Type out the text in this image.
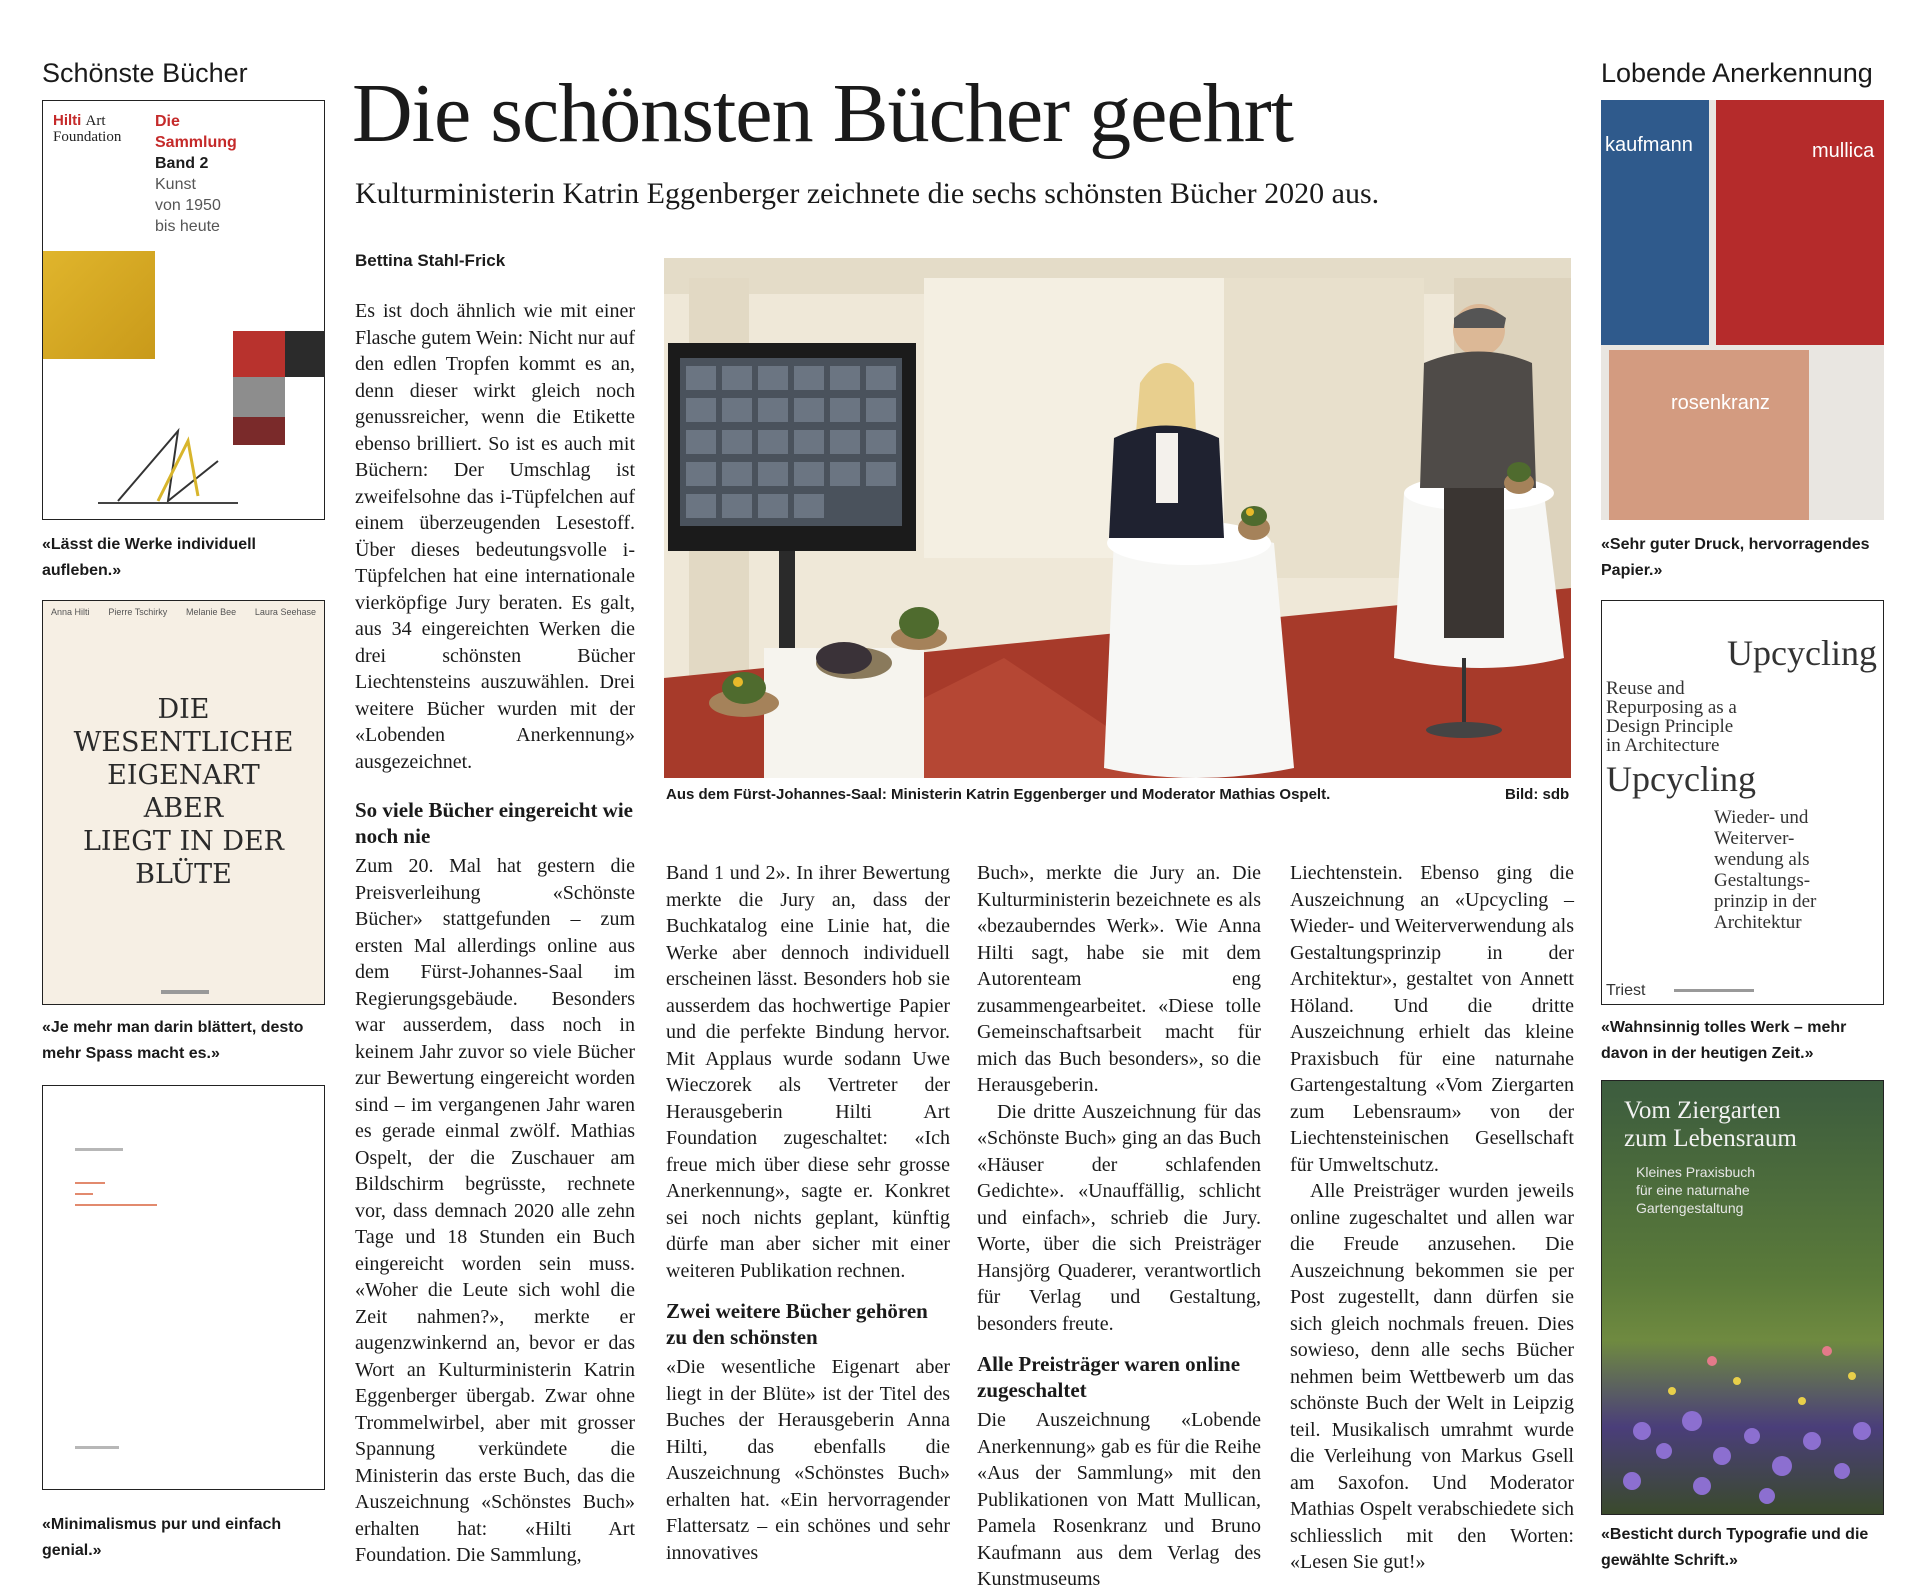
Schönste Bücher
Hilti Art
Foundation
Die
Sammlung
Band 2
Kunst
von 1950
bis heute
«Lässt die Werke individuell aufleben.»
Anna Hilti Pierre Tschirky Melanie Bee Laura Seehase
DIE
WESENTLICHE
EIGENART
ABER
LIEGT IN DER
BLÜTE
«Je mehr man darin blättert, desto mehr Spass macht es.»
«Minimalismus pur und einfach genial.»
Die schönsten Bücher geehrt
Kulturministerin Katrin Eggenberger zeichnete die sechs schönsten Bücher 2020 aus.
Bettina Stahl-Frick

Es ist doch ähnlich wie mit einer Flasche gutem Wein: Nicht nur auf den edlen Tropfen kommt es an, denn dieser wirkt gleich noch genussreicher, wenn die Etikette ebenso brilliert. So ist es auch mit Büchern: Der Umschlag ist zweifelsohne das i-Tüpfelchen auf einem überzeugenden Lesestoff. Über dieses bedeutungsvolle i-Tüpfelchen hat eine internationale vierköpfige Jury beraten. Es galt, aus 34 eingereichten Werken die drei schönsten Bücher Liechtensteins auszuwählen. Drei weitere Bücher wurden mit der «Lobenden Anerkennung» ausgezeichnet.

Aus dem Fürst-Johannes-Saal: Ministerin Katrin Eggenberger und Moderator Mathias Ospelt.	Bild: sdb

So viele Bücher eingereicht wie noch nie

Zum 20. Mal hat gestern die Preisverleihung «Schönste Bücher» stattgefunden – zum ersten Mal allerdings online aus dem Fürst-Johannes-Saal im Regierungsgebäude. Besonders war ausserdem, dass noch in keinem Jahr zuvor so viele Bücher zur Bewertung eingereicht worden sind – im vergangenen Jahr waren es gerade einmal zwölf. Mathias Ospelt, der die Zuschauer am Bildschirm begrüsste, rechnete vor, dass demnach 2020 alle zehn Tage und 18 Stunden ein Buch eingereicht worden sein muss. «Woher die Leute sich wohl die Zeit nahmen?», merkte er augenzwinkernd an, bevor er das Wort an Kulturministerin Katrin Eggenberger übergab. Zwar ohne Trommelwirbel, aber mit grosser Spannung verkündete die Ministerin das erste Buch, das die Auszeichnung «Schönstes Buch» erhalten hat: «Hilti Art Foundation. Die Sammlung,

Band 1 und 2». In ihrer Bewertung merkte die Jury an, dass der Buchkatalog eine Linie hat, die Werke aber dennoch individuell erscheinen lässt. Besonders hob sie ausserdem das hochwertige Papier und die perfekte Bindung hervor. Mit Applaus wurde sodann Uwe Wieczorek als Vertreter der Herausgeberin Hilti Art Foundation zugeschaltet: «Ich freue mich über diese sehr grosse Anerkennung», sagte er. Konkret sei noch nichts geplant, künftig dürfe man aber sicher mit einer weiteren Publikation rechnen.

Zwei weitere Bücher gehören zu den schönsten

«Die wesentliche Eigenart aber liegt in der Blüte» ist der Titel des Buches der Herausgeberin Anna Hilti, das ebenfalls die Auszeichnung «Schönstes Buch» erhalten hat. «Ein hervorragender Flattersatz – ein schönes und sehr innovatives

Buch», merkte die Jury an. Die Kulturministerin bezeichnete es als «bezauberndes Werk». Wie Anna Hilti sagt, habe sie mit dem Autorenteam eng zusammengearbeitet. «Diese tolle Gemeinschaftsarbeit macht für mich das Buch besonders», so die Herausgeberin.

Die dritte Auszeichnung für das «Schönste Buch» ging an das Buch «Häuser der schlafenden Gedichte». «Unauffällig, schlicht und einfach», schrieb die Jury. Worte, über die sich Preisträger Hansjörg Quaderer, verantwortlich für Verlag und Gestaltung, besonders freute.

Alle Preisträger waren online zugeschaltet

Die Auszeichnung «Lobende Anerkennung» gab es für die Reihe «Aus der Sammlung» mit den Publikationen von Matt Mullican, Pamela Rosenkranz und Bruno Kaufmann aus dem Verlag des Kunstmuseums

Liechtenstein. Ebenso ging die Auszeichnung an «Upcycling – Wieder- und Weiterverwendung als Gestaltungsprinzip in der Architektur», gestaltet von Annett Höland. Und die dritte Auszeichnung erhielt das kleine Praxisbuch für eine naturnahe Gartengestaltung «Vom Ziergarten zum Lebensraum» von der Liechtensteinischen Gesellschaft für Umweltschutz.

Alle Preisträger wurden jeweils online zugeschaltet und allen war die Freude anzusehen. Die Auszeichnung bekommen sie per Post zugestellt, dann dürfen sie sich gleich nochmals freuen. Dies sowieso, denn alle sechs Bücher nehmen beim Wettbewerb um das schönste Buch der Welt in Leipzig teil. Musikalisch umrahmt wurde die Verleihung von Markus Gsell am Saxofon. Und Moderator Mathias Ospelt verabschiedete sich schliesslich mit den Worten: «Lesen Sie gut!»

Lobende Anerkennung
kaufmann	mullica
rosenkranz
«Sehr guter Druck, hervorragendes Papier.»
Upcycling
Reuse and
Repurposing as a
Design Principle
in Architecture
Upcycling
Wieder- und
Weiterver-
wendung als
Gestaltungs-
prinzip in der
Architektur
Triest
«Wahnsinnig tolles Werk – mehr davon in der heutigen Zeit.»
Vom Ziergarten
zum Lebensraum
Kleines Praxisbuch
für eine naturnahe
Gartengestaltung
«Besticht durch Typografie und die gewählte Schrift.»
